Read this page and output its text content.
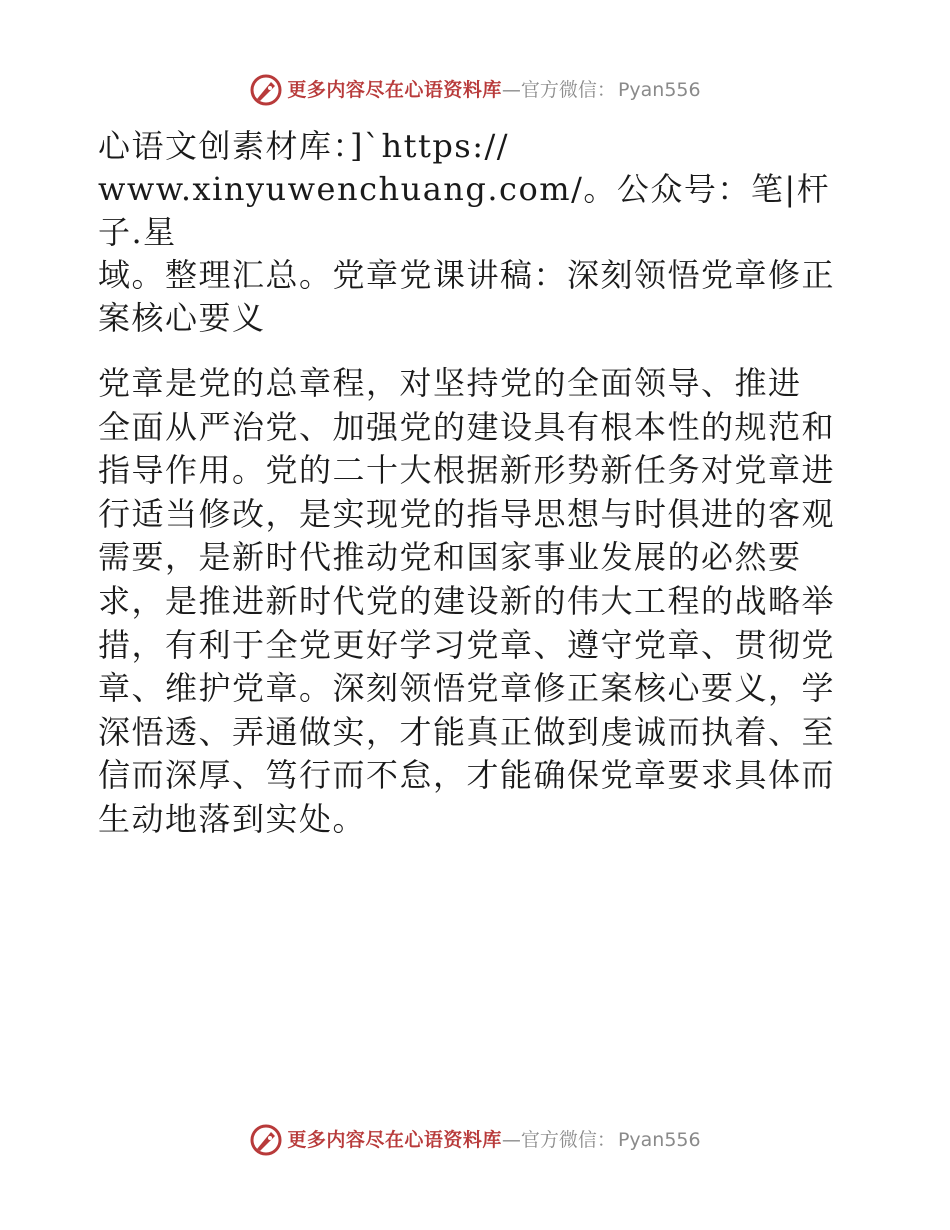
更多内容尽在心语资料库 — 官方微信： Pyan556

心语文创素材库：]`https://
www.xinyuwenchuang.com/。公众号：笔|杆子.星
域。整理汇总。党章党课讲稿：深刻领悟党章修正
案核心要义

党章是党的总章程，对坚持党的全面领导、推进
全面从严治党、加强党的建设具有根本性的规范和
指导作用。党的二十大根据新形势新任务对党章进
行适当修改，是实现党的指导思想与时俱进的客观
需要，是新时代推动党和国家事业发展的必然要
求，是推进新时代党的建设新的伟大工程的战略举
措，有利于全党更好学习党章、遵守党章、贯彻党
章、维护党章。深刻领悟党章修正案核心要义，学
深悟透、弄通做实，才能真正做到虔诚而执着、至
信而深厚、笃行而不怠，才能确保党章要求具体而
生动地落到实处。

更多内容尽在心语资料库 — 官方微信： Pyan556
